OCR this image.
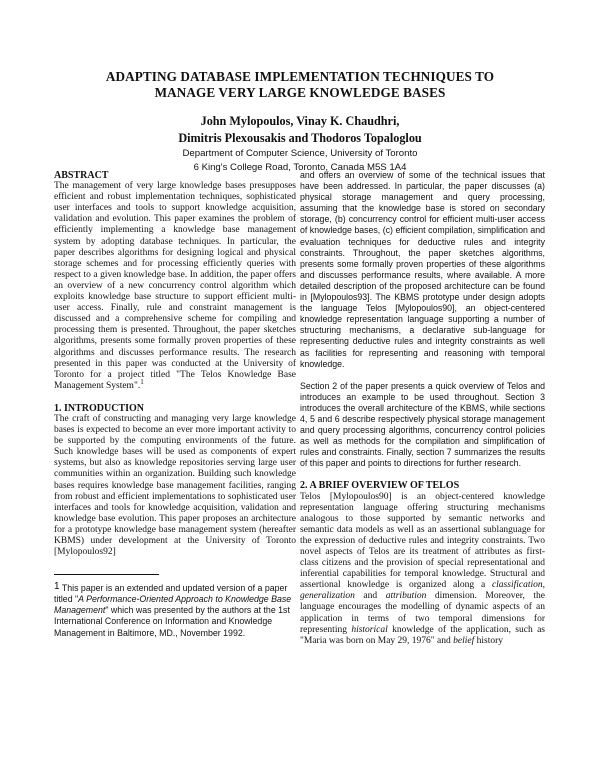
ADAPTING DATABASE IMPLEMENTATION TECHNIQUES TO
MANAGE VERY LARGE KNOWLEDGE BASES
John Mylopoulos, Vinay K. Chaudhri,
Dimitris Plexousakis and Thodoros Topaloglou
Department of Computer Science, University of Toronto
6 King's College Road, Toronto, Canada M5S 1A4

ABSTRACT

The management of very large knowledge bases presupposes efficient and robust implementation techniques, sophisticated user interfaces and tools to support knowledge acquisition, validation and evolution. This paper examines the problem of efficiently implementing a knowledge base management system by adopting database techniques. In particular, the paper describes algorithms for designing logical and physical storage schemes and for processing efficiently queries with respect to a given knowledge base. In addition, the paper offers an overview of a new concurrency control algorithm which exploits knowledge base structure to support efficient multi-user access. Finally, rule and constraint management is discussed and a comprehensive scheme for compiling and processing them is presented. Throughout, the paper sketches algorithms, presents some formally proven properties of these algorithms and discusses performance results. The research presented in this paper was conducted at the University of Toronto for a project titled "The Telos Knowledge Base Management System".$^1$

1. INTRODUCTION

The craft of constructing and managing very large knowledge bases is expected to become an ever more important activity to be supported by the computing environments of the future. Such knowledge bases will be used as components of expert systems, but also as knowledge repositories serving large user communities within an organization. Building such knowledge bases requires knowledge base management facilities, ranging from robust and efficient implementations to sophisticated user interfaces and tools for knowledge acquisition, validation and knowledge base evolution. This paper proposes an architecture for a prototype knowledge base management system (hereafter KBMS) under development at the University of Toronto [Mylopoulos92]

1 This paper is an extended and updated version of a paper titled "A Performance-Oriented Approach to Knowledge Base Management" which was presented by the authors at the 1st International Conference on Information and Knowledge Management in Baltimore, MD., November 1992.

and offers an overview of some of the technical issues that have been addressed. In particular, the paper discusses (a) physical storage management and query processing, assuming that the knowledge base is stored on secondary storage, (b) concurrency control for efficient multi-user access of knowledge bases, (c) efficient compilation, simplification and evaluation techniques for deductive rules and integrity constraints. Throughout, the paper sketches algorithms, presents some formally proven properties of these algorithms and discusses performance results, where available. A more detailed description of the proposed architecture can be found in [Mylopoulos93]. The KBMS prototype under design adopts the language Telos [Mylopoulos90], an object-centered knowledge representation language supporting a number of structuring mechanisms, a declarative sub-language for representing deductive rules and integrity constraints as well as facilities for representing and reasoning with temporal knowledge.

Section 2 of the paper presents a quick overview of Telos and introduces an example to be used throughout. Section 3 introduces the overall architecture of the KBMS, while sections 4, 5 and 6 describe respectively physical storage management and query processing algorithms, concurrency control policies as well as methods for the compilation and simplification of rules and constraints. Finally, section 7 summarizes the results of this paper and points to directions for further research.

2. A BRIEF OVERVIEW OF TELOS

Telos [Mylopoulos90] is an object-centered knowledge representation language offering structuring mechanisms analogous to those supported by semantic networks and semantic data models as well as an assertional sublanguage for the expression of deductive rules and integrity constraints. Two novel aspects of Telos are its treatment of attributes as first-class citizens and the provision of special representational and inferential capabilities for temporal knowledge. Structural and assertional knowledge is organized along a classification, generalization and attribution dimension. Moreover, the language encourages the modelling of dynamic aspects of an application in terms of two temporal dimensions for representing historical knowledge of the application, such as "Maria was born on May 29, 1976" and belief history
